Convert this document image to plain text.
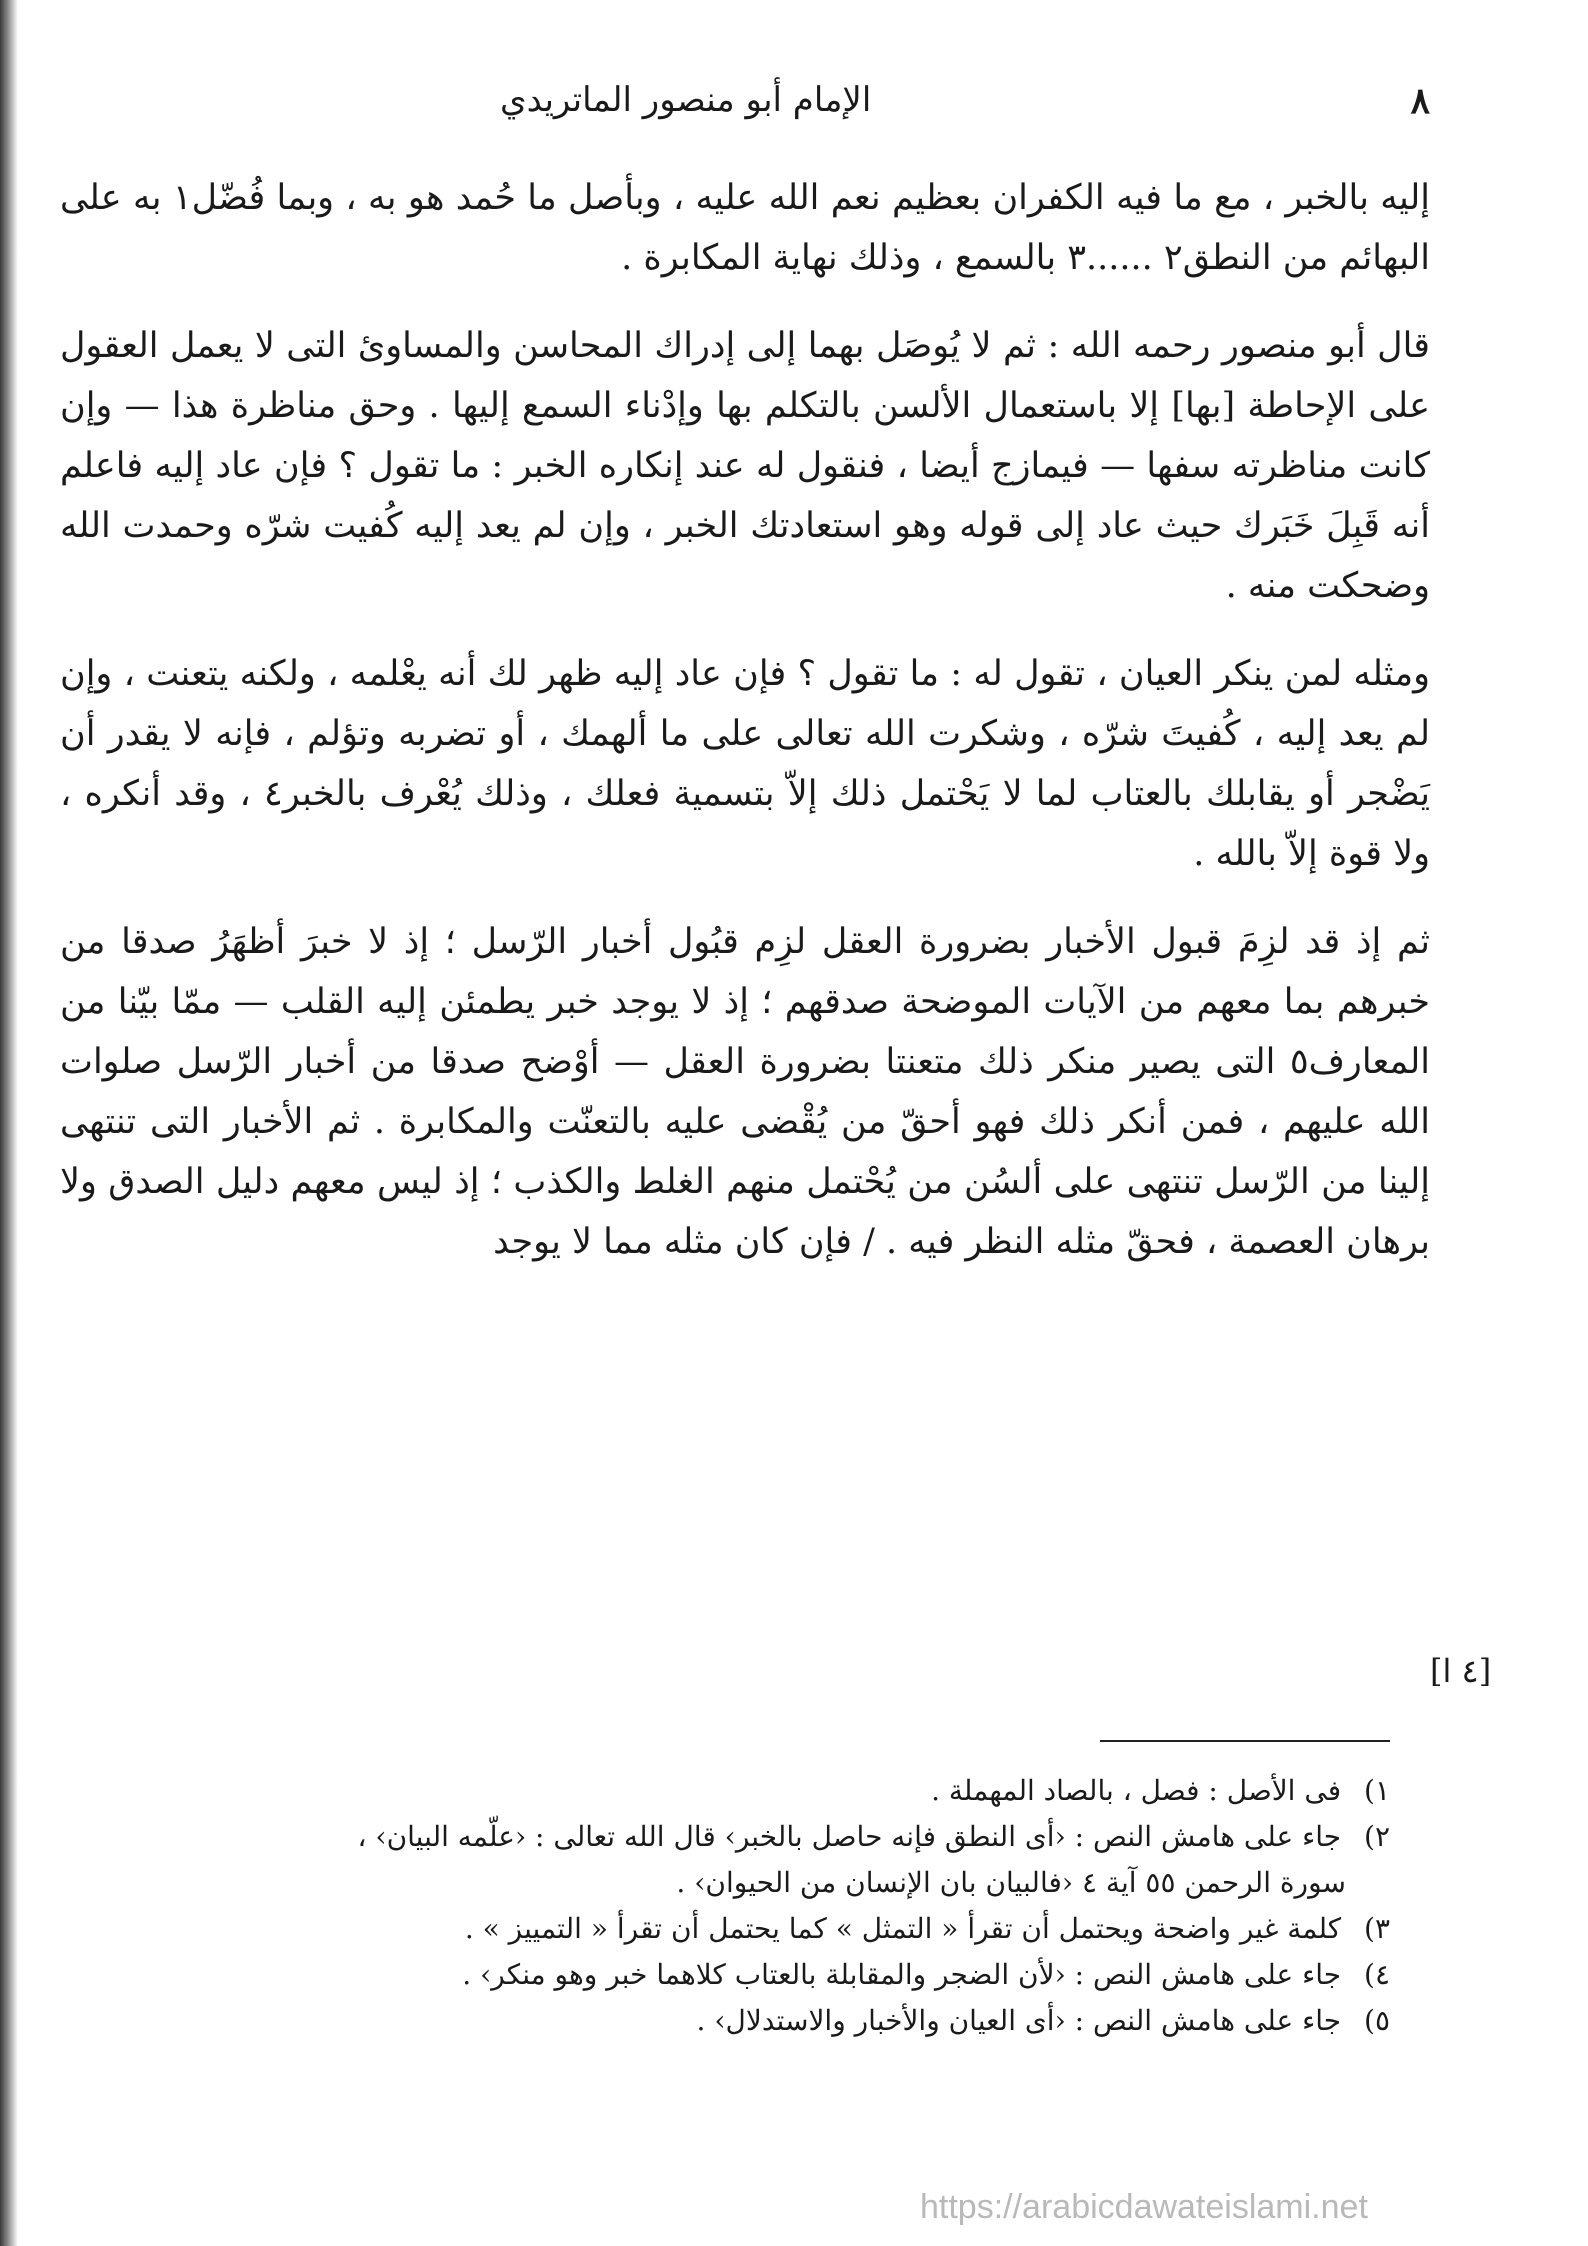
٨
الإمام أبو منصور الماتريدي

إليه بالخبر ، مع ما فيه الكفران بعظيم نعم الله عليه ، وبأصل ما حُمد هو به ، وبما فُضّل١ به على البهائم من النطق٢ ......٣ بالسمع ، وذلك نهاية المكابرة .

قال أبو منصور رحمه الله : ثم لا يُوصَل بهما إلى إدراك المحاسن والمساوئ التى لا يعمل العقول على الإحاطة [بها] إلا باستعمال الألسن بالتكلم بها وإدْناء السمع إليها . وحق مناظرة هذا — وإن كانت مناظرته سفها — فيمازج أيضا ، فنقول له عند إنكاره الخبر : ما تقول ؟ فإن عاد إليه فاعلم أنه قَبِلَ خَبَرك حيث عاد إلى قوله وهو استعادتك الخبر ، وإن لم يعد إليه كُفيت شرّه وحمدت الله وضحكت منه .

ومثله لمن ينكر العيان ، تقول له : ما تقول ؟ فإن عاد إليه ظهر لك أنه يعْلمه ، ولكنه يتعنت ، وإن لم يعد إليه ، كُفيتَ شرّه ، وشكرت الله تعالى على ما ألهمك ، أو تضربه وتؤلم ، فإنه لا يقدر أن يَضْجر أو يقابلك بالعتاب لما لا يَحْتمل ذلك إلاّ بتسمية فعلك ، وذلك يُعْرف بالخبر٤ ، وقد أنكره ، ولا قوة إلاّ بالله .

ثم إذ قد لزِمَ قبول الأخبار بضرورة العقل لزِم قبُول أخبار الرّسل ؛ إذ لا خبرَ أظهَرُ صدقا من خبرهم بما معهم من الآيات الموضحة صدقهم ؛ إذ لا يوجد خبر يطمئن إليه القلب — ممّا بيّنا من المعارف٥ التى يصير منكر ذلك متعنتا بضرورة العقل — أوْضح صدقا من أخبار الرّسل صلوات الله عليهم ، فمن أنكر ذلك فهو أحقّ من يُقْضى عليه بالتعنّت والمكابرة . ثم الأخبار التى تنتهى إلينا من الرّسل تنتهى على ألسُن من يُحْتمل منهم الغلط والكذب ؛ إذ ليس معهم دليل الصدق ولا برهان العصمة ، فحقّ مثله النظر فيه . / فإن كان مثله مما لا يوجد

[٤ ا]

١) فى الأصل : فصل ، بالصاد المهملة .

٢) جاء على هامش النص : ‹أى النطق فإنه حاصل بالخبر› قال الله تعالى : ‹علّمه البيان› ،

سورة الرحمن ٥٥ آية ٤ ‹فالبيان بان الإنسان من الحيوان› .

٣) كلمة غير واضحة ويحتمل أن تقرأ « التمثل » كما يحتمل أن تقرأ « التمييز » .

٤) جاء على هامش النص : ‹لأن الضجر والمقابلة بالعتاب كلاهما خبر وهو منكر› .

٥) جاء على هامش النص : ‹أى العيان والأخبار والاستدلال› .

https://arabicdawateislami.net
